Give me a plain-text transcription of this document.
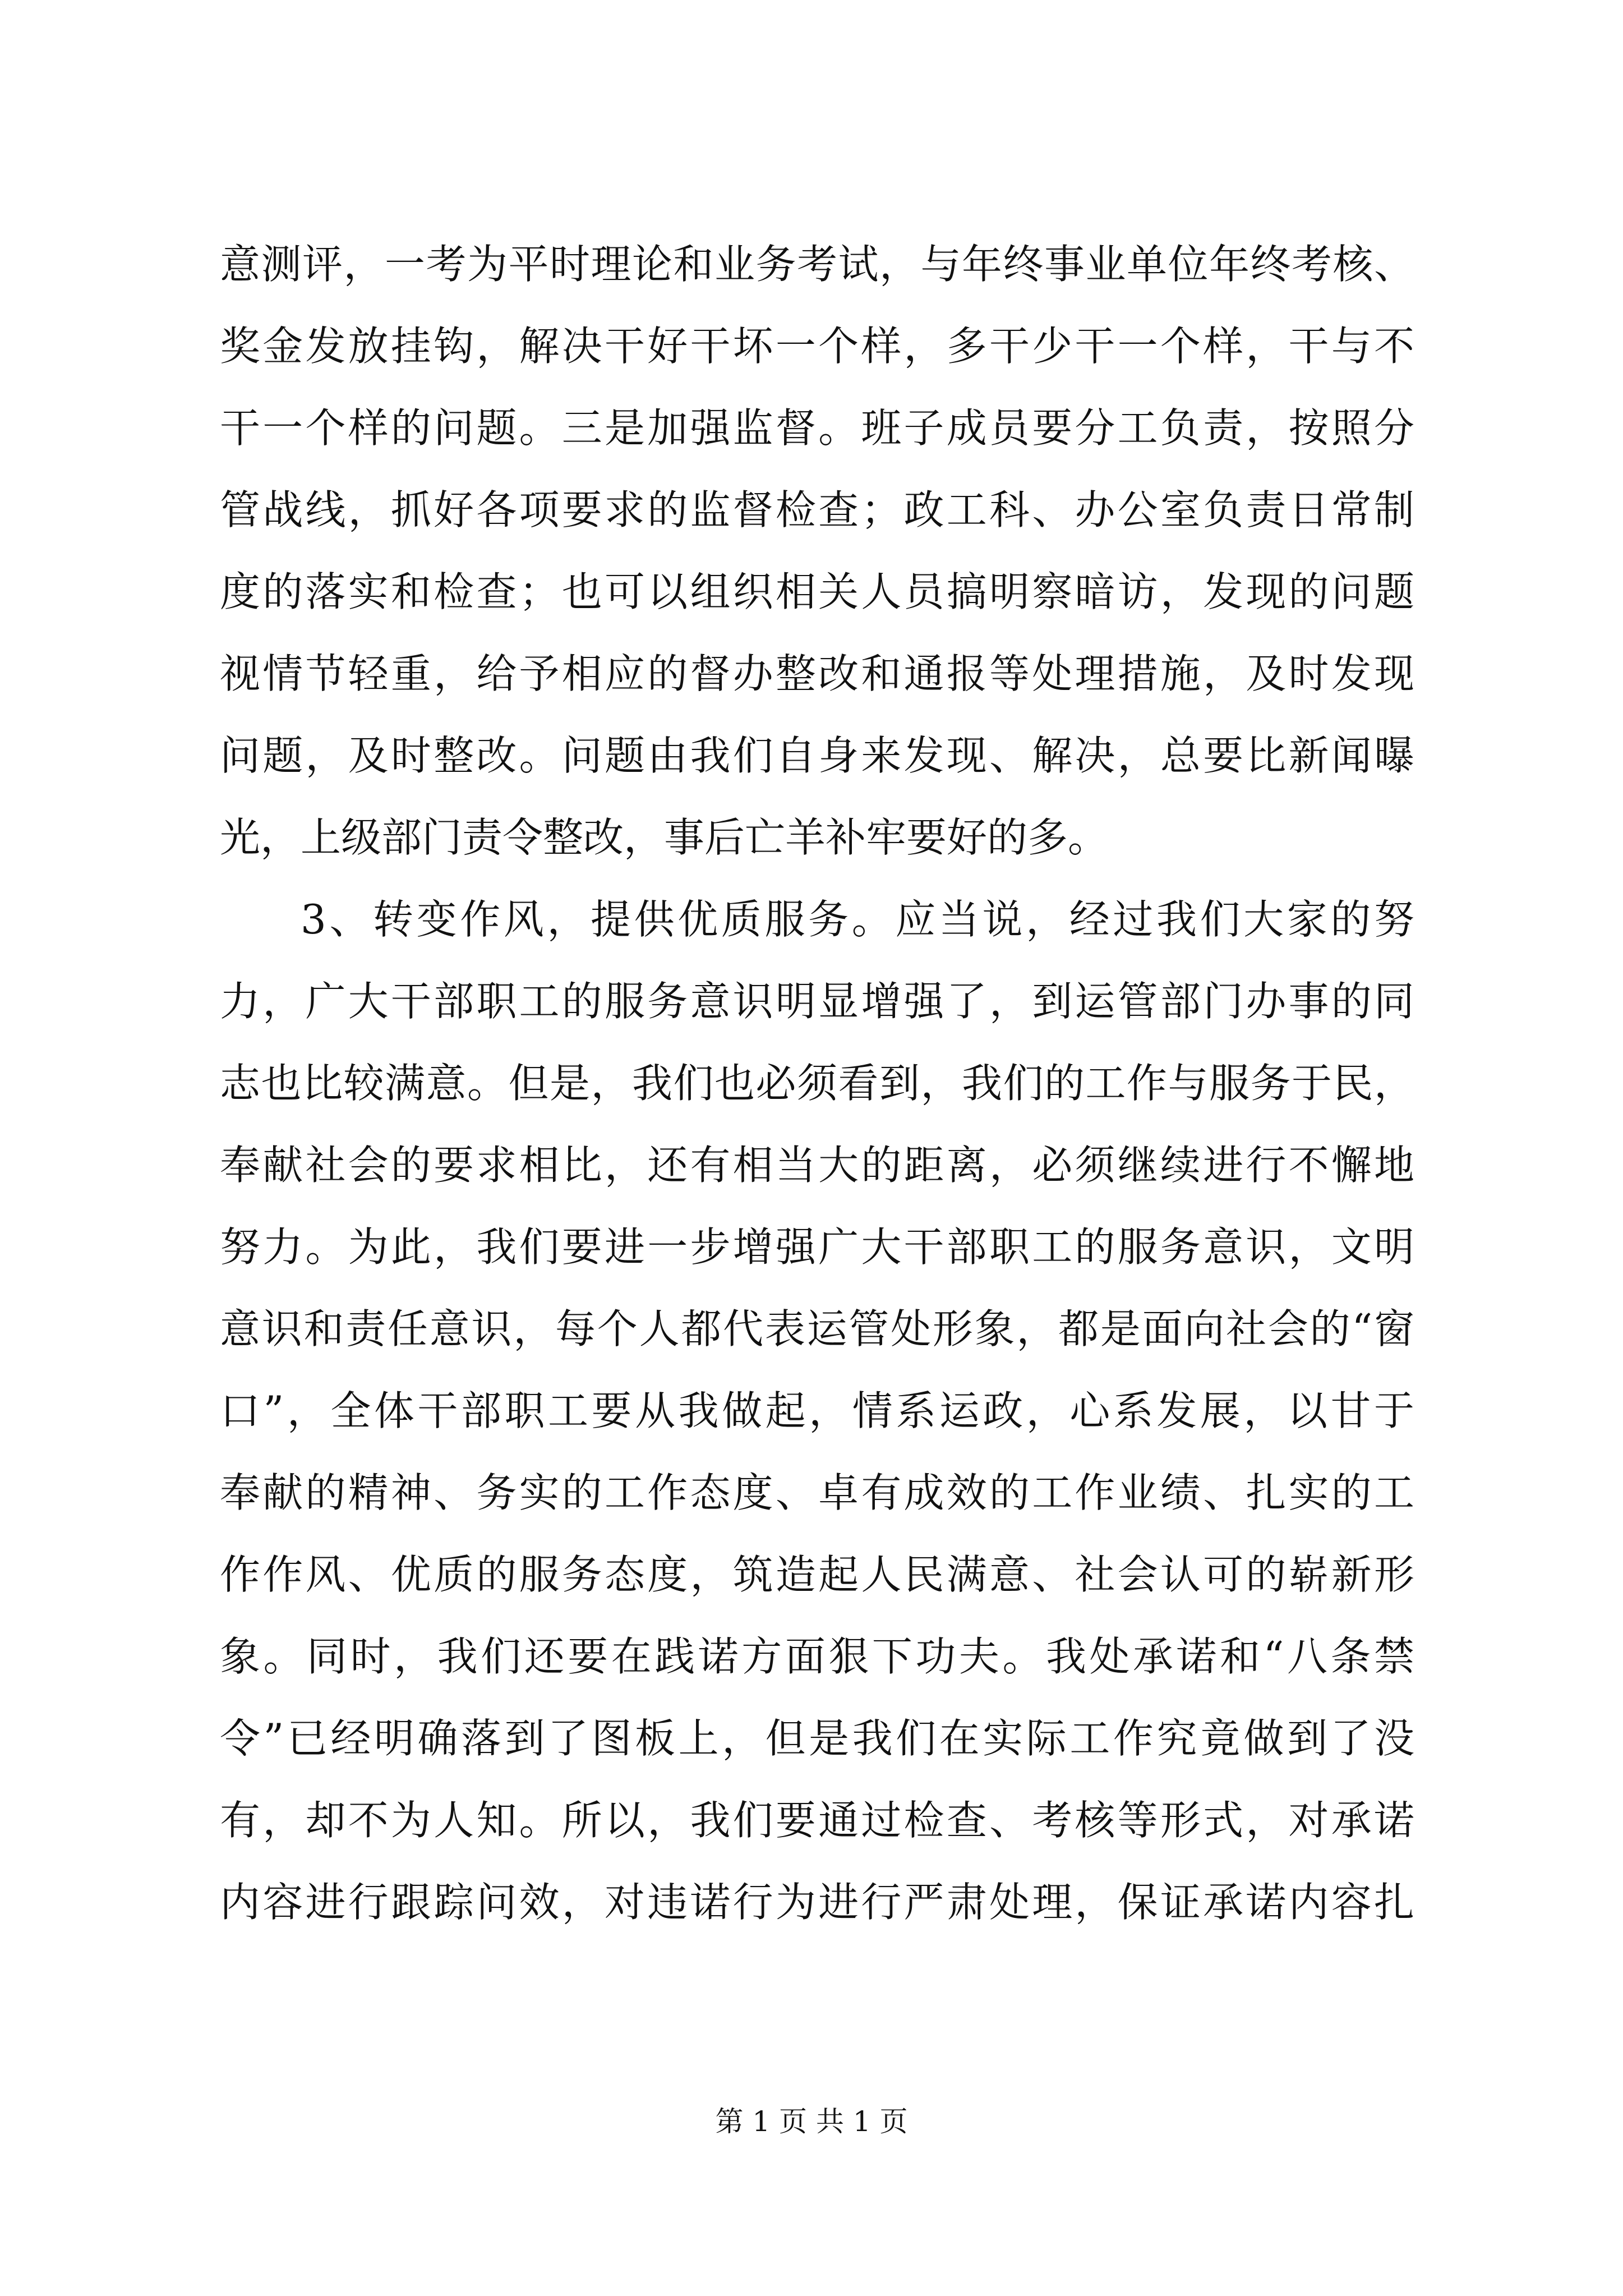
意测评，一考为平时理论和业务考试，与年终事业单位年终考核、
奖金发放挂钩，解决干好干坏一个样，多干少干一个样，干与不
干一个样的问题。三是加强监督。班子成员要分工负责，按照分
管战线，抓好各项要求的监督检查；政工科、办公室负责日常制
度的落实和检查；也可以组织相关人员搞明察暗访，发现的问题
视情节轻重，给予相应的督办整改和通报等处理措施，及时发现
问题，及时整改。问题由我们自身来发现、解决，总要比新闻曝
光，上级部门责令整改，事后亡羊补牢要好的多。
3、转变作风，提供优质服务。应当说，经过我们大家的努
力，广大干部职工的服务意识明显增强了，到运管部门办事的同
志也比较满意。但是，我们也必须看到，我们的工作与服务于民，
奉献社会的要求相比，还有相当大的距离，必须继续进行不懈地
努力。为此，我们要进一步增强广大干部职工的服务意识，文明
意识和责任意识，每个人都代表运管处形象，都是面向社会的“窗
口”，全体干部职工要从我做起，情系运政，心系发展，以甘于
奉献的精神、务实的工作态度、卓有成效的工作业绩、扎实的工
作作风、优质的服务态度，筑造起人民满意、社会认可的崭新形
象。同时，我们还要在践诺方面狠下功夫。我处承诺和“八条禁
令”已经明确落到了图板上，但是我们在实际工作究竟做到了没
有，却不为人知。所以，我们要通过检查、考核等形式，对承诺
内容进行跟踪问效，对违诺行为进行严肃处理，保证承诺内容扎
第 1 页 共 1 页
